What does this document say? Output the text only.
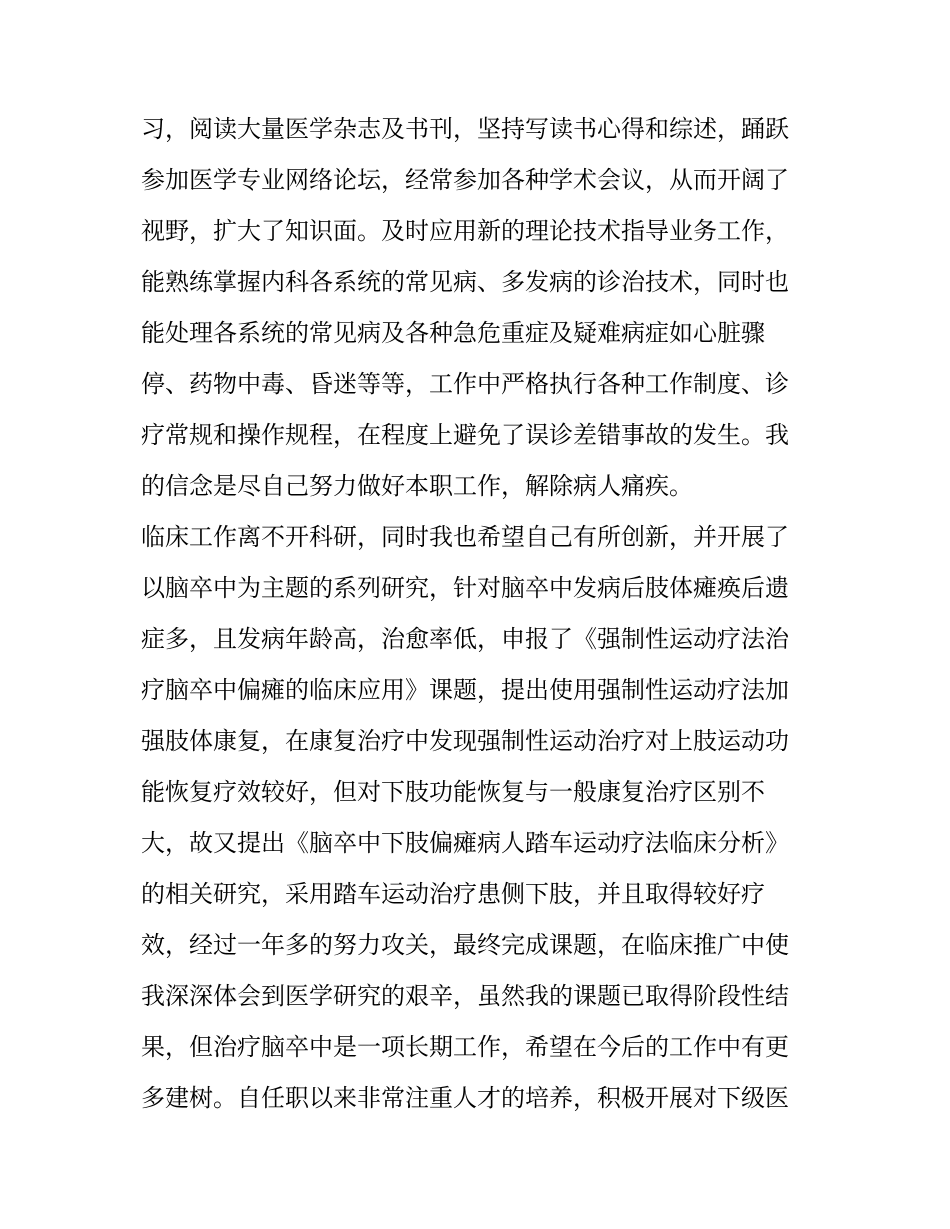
习，阅读大量医学杂志及书刊，坚持写读书心得和综述，踊跃
参加医学专业网络论坛，经常参加各种学术会议，从而开阔了
视野，扩大了知识面。及时应用新的理论技术指导业务工作，
能熟练掌握内科各系统的常见病、多发病的诊治技术，同时也
能处理各系统的常见病及各种急危重症及疑难病症如心脏骤
停、药物中毒、昏迷等等，工作中严格执行各种工作制度、诊
疗常规和操作规程，在程度上避免了误诊差错事故的发生。我
的信念是尽自己努力做好本职工作，解除病人痛疾。
临床工作离不开科研，同时我也希望自己有所创新，并开展了
以脑卒中为主题的系列研究，针对脑卒中发病后肢体瘫痪后遗
症多，且发病年龄高，治愈率低，申报了《强制性运动疗法治
疗脑卒中偏瘫的临床应用》课题，提出使用强制性运动疗法加
强肢体康复，在康复治疗中发现强制性运动治疗对上肢运动功
能恢复疗效较好，但对下肢功能恢复与一般康复治疗区别不
大，故又提出《脑卒中下肢偏瘫病人踏车运动疗法临床分析》
的相关研究，采用踏车运动治疗患侧下肢，并且取得较好疗
效，经过一年多的努力攻关，最终完成课题，在临床推广中使
我深深体会到医学研究的艰辛，虽然我的课题已取得阶段性结
果，但治疗脑卒中是一项长期工作，希望在今后的工作中有更
多建树。自任职以来非常注重人才的培养，积极开展对下级医
